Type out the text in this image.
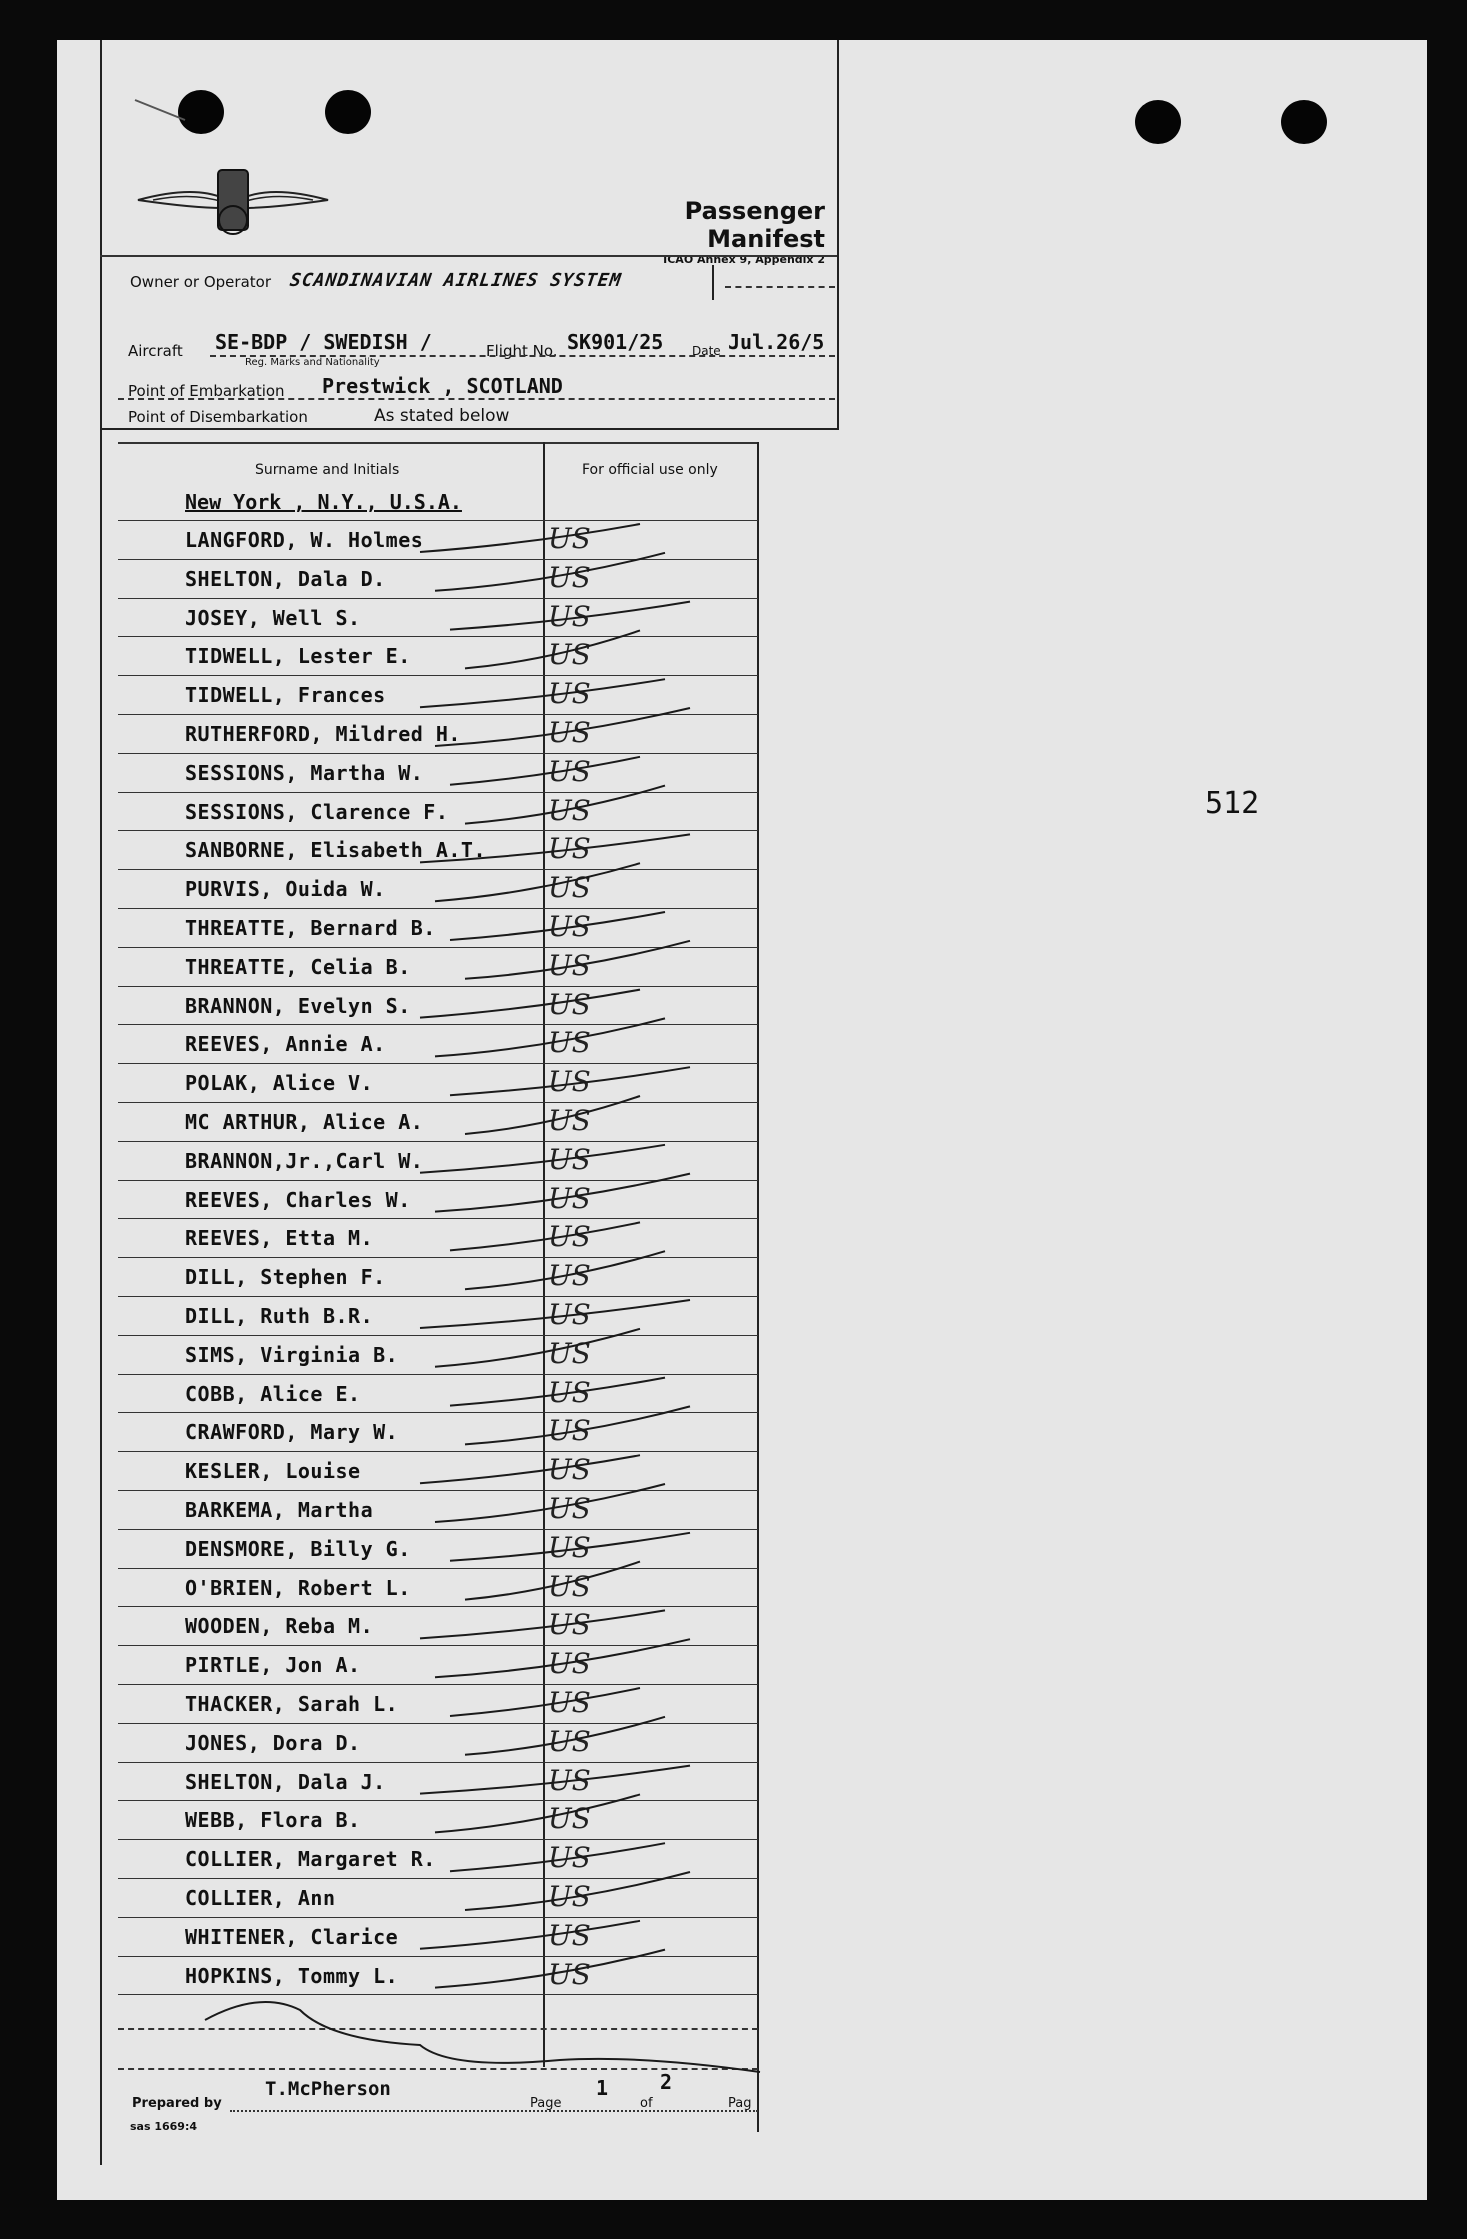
Passenger Manifest
ICAO Annex 9, Appendix 2
Owner or Operator SCANDINAVIAN AIRLINES SYSTEM
Aircraft SE-BDP / SWEDISH /
Reg. Marks and Nationality
Flight No. SK901/25 Date Jul.26/5
Point of Embarkation Prestwick , SCOTLAND
Point of Disembarkation	As stated below
Surname and Initials	For official use only
New York , N.Y., U.S.A.
LANGFORD, W. Holmes	US
SHELTON, Dala D.	US
JOSEY, Well S.	US
TIDWELL, Lester E.	US
TIDWELL, Frances	US
RUTHERFORD, Mildred H.	US
SESSIONS, Martha W.	US
SESSIONS, Clarence F.	US
SANBORNE, Elisabeth A.T. US
PURVIS, Ouida W.	US
THREATTE, Bernard B.	US
THREATTE, Celia B.	US
BRANNON, Evelyn S.	US
REEVES, Annie A.	US
POLAK, Alice V.	US
MC ARTHUR, Alice A.	US
BRANNON,Jr.,Carl W.	US
REEVES, Charles W.	US
REEVES, Etta M.	US
DILL, Stephen F.	US
DILL, Ruth B.R.	US
SIMS, Virginia B.	US
COBB, Alice E.	US
CRAWFORD, Mary W.	US
KESLER, Louise	US
BARKEMA, Martha	US
DENSMORE, Billy G.	US
O'BRIEN, Robert L.	US
WOODEN, Reba M.	US
PIRTLE, Jon A.	US
THACKER, Sarah L.	US
JONES, Dora D.	US
SHELTON, Dala J.	US
WEBB, Flora B.	US
COLLIER, Margaret R.	US
COLLIER, Ann	US
WHITENER, Clarice	US
HOPKINS, Tommy L.	US
Prepared by
T.McPherson
Page
1
of
2
Pag
sas 1669:4
512
